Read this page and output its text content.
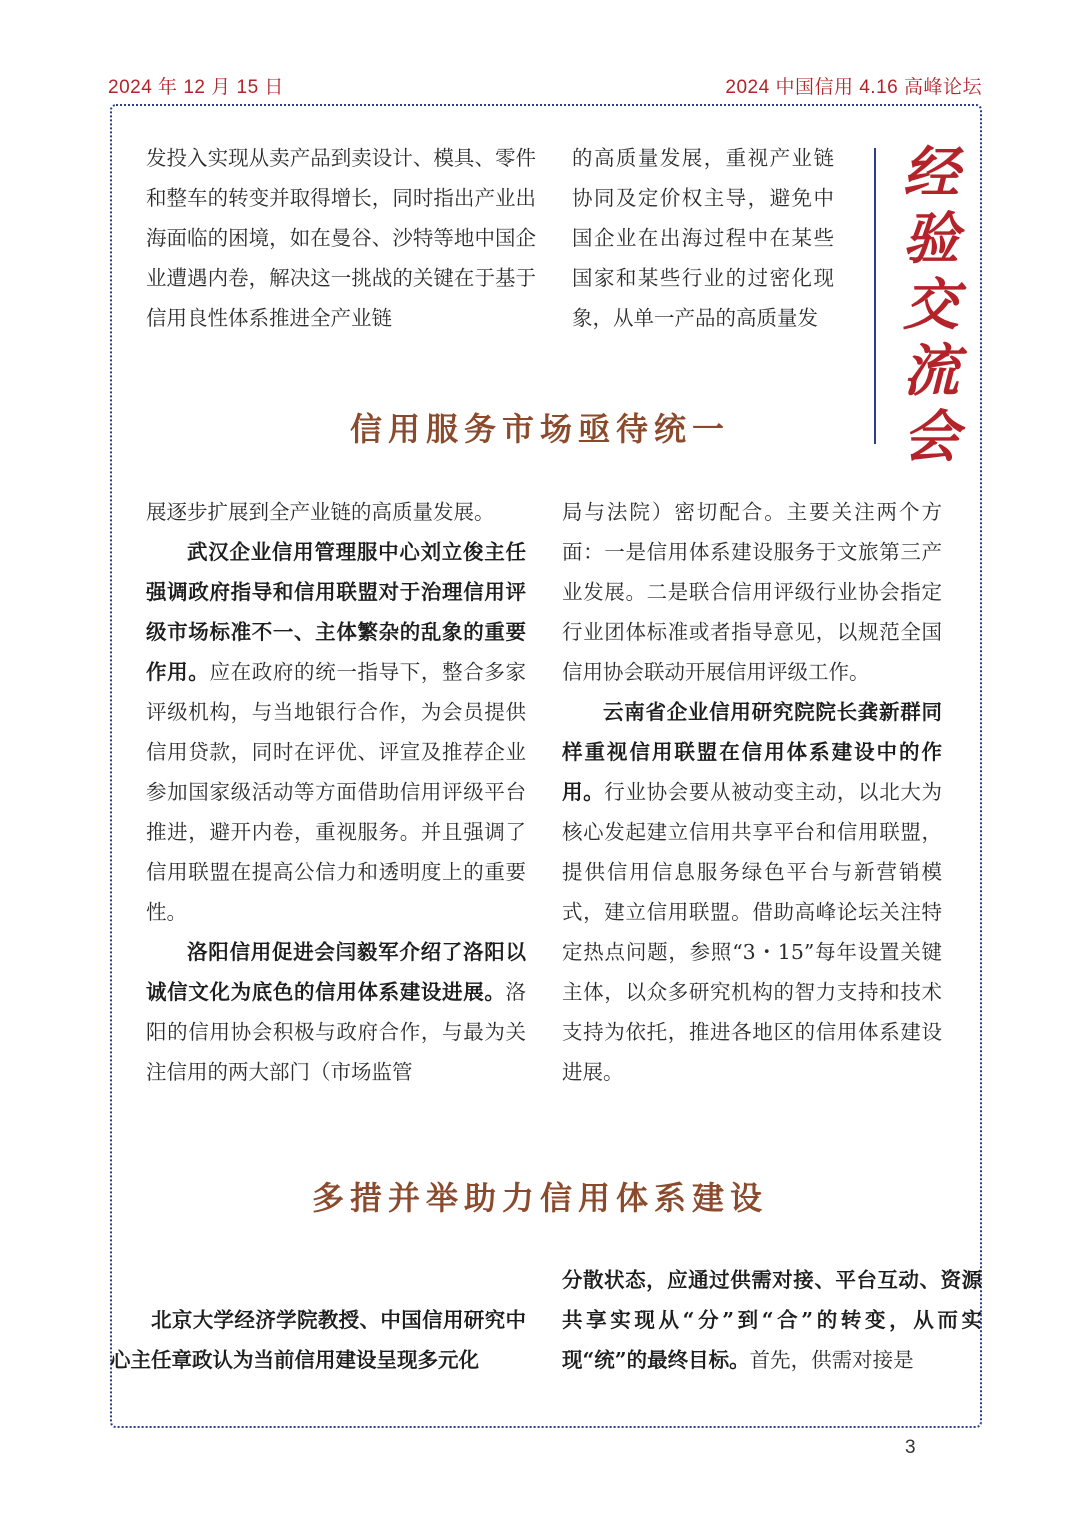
2024 年 12 月 15 日	2024 中国信用 4.16 高峰论坛

发投入实现从卖产品到卖设计、模具、零件和整车的转变并取得增长，同时指出产业出海面临的困境，如在曼谷、沙特等地中国企业遭遇内卷，解决这一挑战的关键在于基于信用良性体系推进全产业链

的高质量发展，重视产业链协同及定价权主导，避免中国企业在出海过程中在某些国家和某些行业的过密化现象，从单一产品的高质量发

经
验
交
流
会
信用服务市场亟待统一

展逐步扩展到全产业链的高质量发展。

武汉企业信用管理服中心刘立俊主任强调政府指导和信用联盟对于治理信用评级市场标准不一、主体繁杂的乱象的重要作用。应在政府的统一指导下，整合多家评级机构，与当地银行合作，为会员提供信用贷款，同时在评优、评宣及推荐企业参加国家级活动等方面借助信用评级平台推进，避开内卷，重视服务。并且强调了信用联盟在提高公信力和透明度上的重要性。

洛阳信用促进会闫毅军介绍了洛阳以诚信文化为底色的信用体系建设进展。洛阳的信用协会积极与政府合作，与最为关注信用的两大部门（市场监管

局与法院）密切配合。主要关注两个方面：一是信用体系建设服务于文旅第三产业发展。二是联合信用评级行业协会指定行业团体标准或者指导意见，以规范全国信用协会联动开展信用评级工作。

云南省企业信用研究院院长龚新群同样重视信用联盟在信用体系建设中的作用。行业协会要从被动变主动，以北大为核心发起建立信用共享平台和信用联盟，提供信用信息服务绿色平台与新营销模式，建立信用联盟。借助高峰论坛关注特定热点问题，参照“3・15”每年设置关键主体，以众多研究机构的智力支持和技术支持为依托，推进各地区的信用体系建设进展。

多措并举助力信用体系建设

北京大学经济学院教授、中国信用研究中心主任章政认为当前信用建设呈现多元化

分散状态，应通过供需对接、平台互动、资源共享实现从“分”到“合”的转变，从而实现“统”的最终目标。首先，供需对接是

3
